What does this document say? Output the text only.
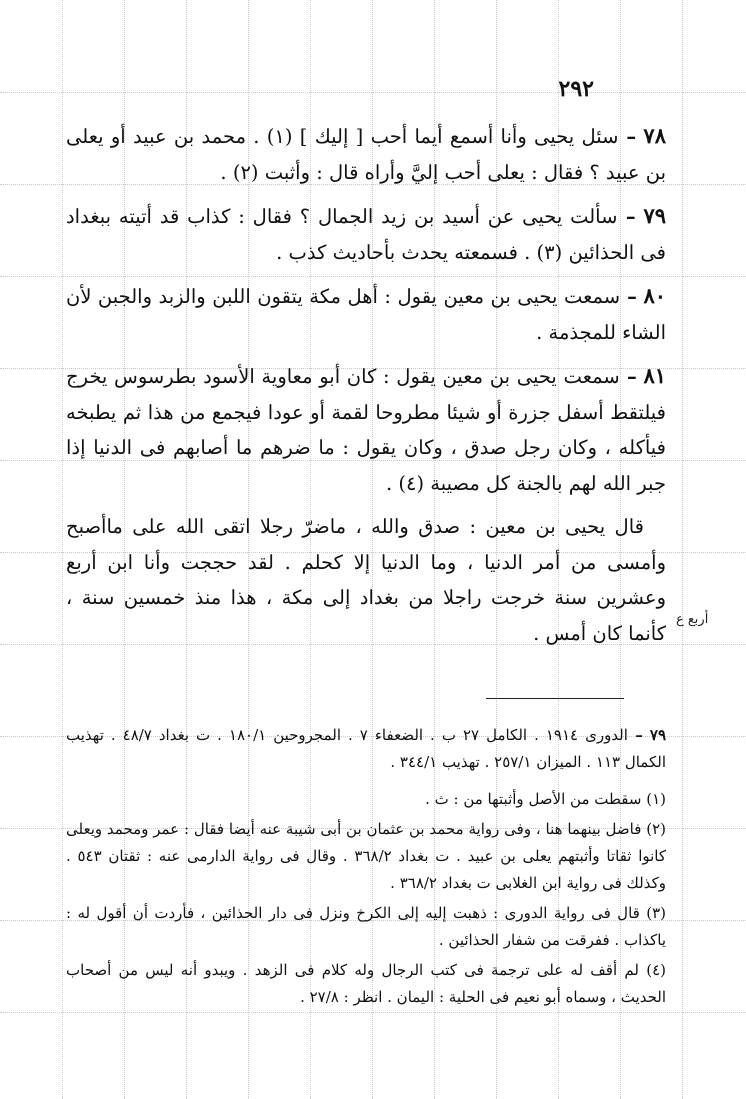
٢٩٢

٧٨ – سئل يحيى وأنا أسمع أيما أحب [ إليك ] (١) . محمد بن عبيد أو يعلى بن عبيد ؟ فقال : يعلى أحب إليَّ وأراه قال : وأثبت (٢) .

٧٩ – سألت يحيى عن أسيد بن زيد الجمال ؟ فقال : كذاب قد أتيته ببغداد فى الحذائين (٣) . فسمعته يحدث بأحاديث كذب .

٨٠ – سمعت يحيى بن معين يقول : أهل مكة يتقون اللبن والزبد والجبن لأن الشاء للمجذمة .

٨١ – سمعت يحيى بن معين يقول : كان أبو معاوية الأسود بطرسوس يخرج فيلتقط أسفل جزرة أو شيئا مطروحا لقمة أو عودا فيجمع من هذا ثم يطبخه فيأكله ، وكان رجل صدق ، وكان يقول : ما ضرهم ما أصابهم فى الدنيا إذا جبر الله لهم بالجنة كل مصيبة (٤) .

قال يحيى بن معين : صدق والله ، ماضرّ رجلا اتقى الله على ماأصبح وأمسى من أمر الدنيا ، وما الدنيا إلا كحلم . لقد حججت وأنا ابن أربع وعشرين سنة خرجت راجلا من بغداد إلى مكة ، هذا منذ خمسين سنة ، كأنما كان أمس .

أربع ع

٧٩ – الدورى ١٩١٤ . الكامل ٢٧ ب . الضعفاء ٧ . المجروحين ١٨٠/١ . ت بغداد ٤٨/٧ . تهذيب الكمال ١١٣ . الميزان ٢٥٧/١ . تهذيب ٣٤٤/١ .

(١) سقطت من الأصل وأثبتها من : ث .

(٢) فاضل بينهما هنا ، وفى رواية محمد بن عثمان بن أبى شيبة عنه أيضا فقال : عمر ومحمد ويعلى كانوا ثقاتا وأثبتهم يعلى بن عبيد . ت بغداد ٣٦٨/٢ . وقال فى رواية الدارمى عنه : ثقتان ٥٤٣ . وكذلك فى رواية ابن الغلابى ت بغداد ٣٦٨/٢ .

(٣) قال فى رواية الدورى : ذهبت إليه إلى الكرخ ونزل فى دار الحذائين ، فأردت أن أقول له : ياكذاب . ففرقت من شفار الحذائين .

(٤) لم أقف له على ترجمة فى كتب الرجال وله كلام فى الزهد . ويبدو أنه ليس من أصحاب الحديث ، وسماه أبو نعيم فى الحلية : اليمان . انظر : ٢٧/٨ .
